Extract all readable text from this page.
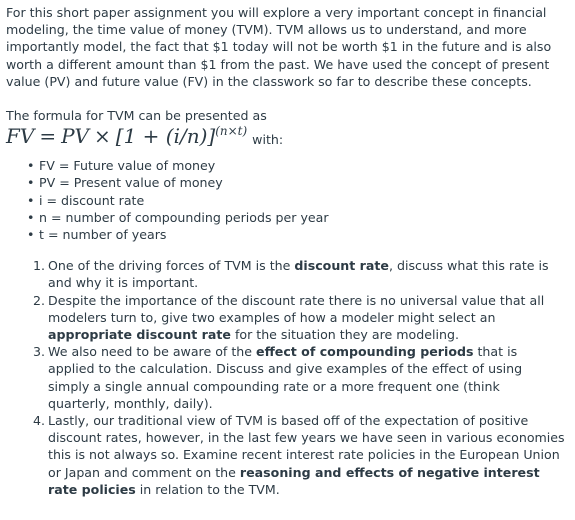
For this short paper assignment you will explore a very important concept in financial modeling, the time value of money (TVM). TVM allows us to understand, and more importantly model, the fact that $1 today will not be worth $1 in the future and is also worth a different amount than $1 from the past. We have used the concept of present value (PV) and future value (FV) in the classwork so far to describe these concepts.

The formula for TVM can be presented as

FV = PV × $[1 + (i/n)]^{(n\times t)}$
with:
• FV = Future value of money
• PV = Present value of money
• i = discount rate
• n = number of compounding periods per year
• t = number of years
1. One of the driving forces of TVM is the discount rate, discuss what this rate is and why it is important.
2. Despite the importance of the discount rate there is no universal value that all modelers turn to, give two examples of how a modeler might select an appropriate discount rate for the situation they are modeling.
3. We also need to be aware of the effect of compounding periods that is applied to the calculation. Discuss and give examples of the effect of using simply a single annual compounding rate or a more frequent one (think quarterly, monthly, daily).
4. Lastly, our traditional view of TVM is based off of the expectation of positive discount rates, however, in the last few years we have seen in various economies this is not always so. Examine recent interest rate policies in the European Union or Japan and comment on the reasoning and effects of negative interest rate policies in relation to the TVM.
